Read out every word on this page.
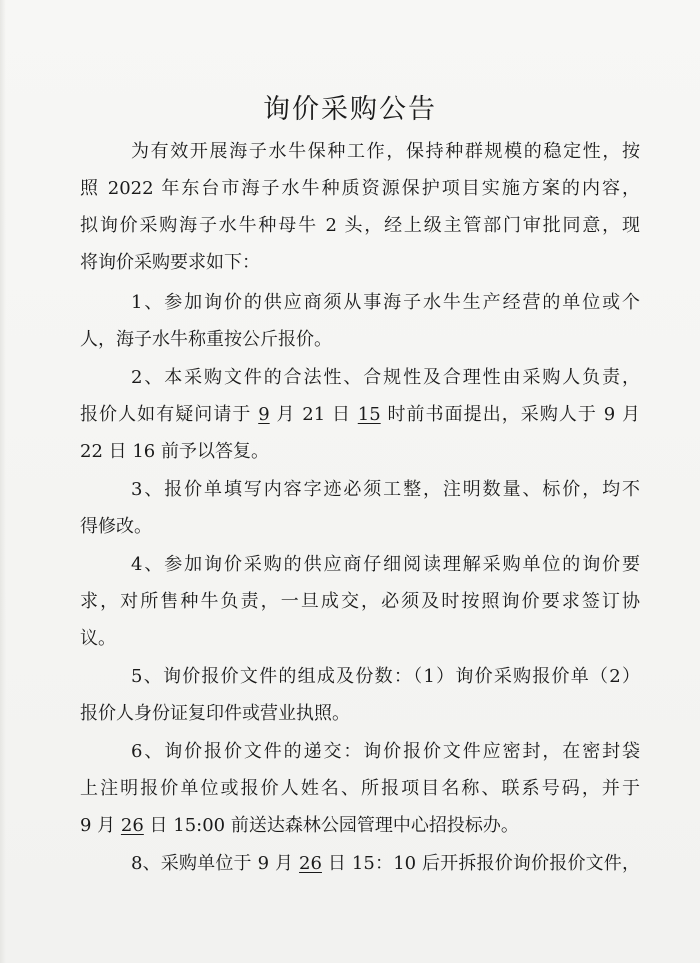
询价采购公告
为有效开展海子水牛保种工作，保持种群规模的稳定性，按
照 2022 年东台市海子水牛种质资源保护项目实施方案的内容，
拟询价采购海子水牛种母牛 2 头，经上级主管部门审批同意，现
将询价采购要求如下：
1、参加询价的供应商须从事海子水牛生产经营的单位或个
人，海子水牛称重按公斤报价。
2、本采购文件的合法性、合规性及合理性由采购人负责，
报价人如有疑问请于 9 月 21 日 15 时前书面提出，采购人于 9 月
22 日 16 前予以答复。
3、报价单填写内容字迹必须工整，注明数量、标价，均不
得修改。
4、参加询价采购的供应商仔细阅读理解采购单位的询价要
求，对所售种牛负责，一旦成交，必须及时按照询价要求签订协
议。
5、询价报价文件的组成及份数：（1）询价采购报价单（2）
报价人身份证复印件或营业执照。
6、询价报价文件的递交：询价报价文件应密封，在密封袋
上注明报价单位或报价人姓名、所报项目名称、联系号码，并于
9 月 26 日 15:00 前送达森林公园管理中心招投标办。
8、采购单位于 9 月 26 日 15：10 后开拆报价询价报价文件，
